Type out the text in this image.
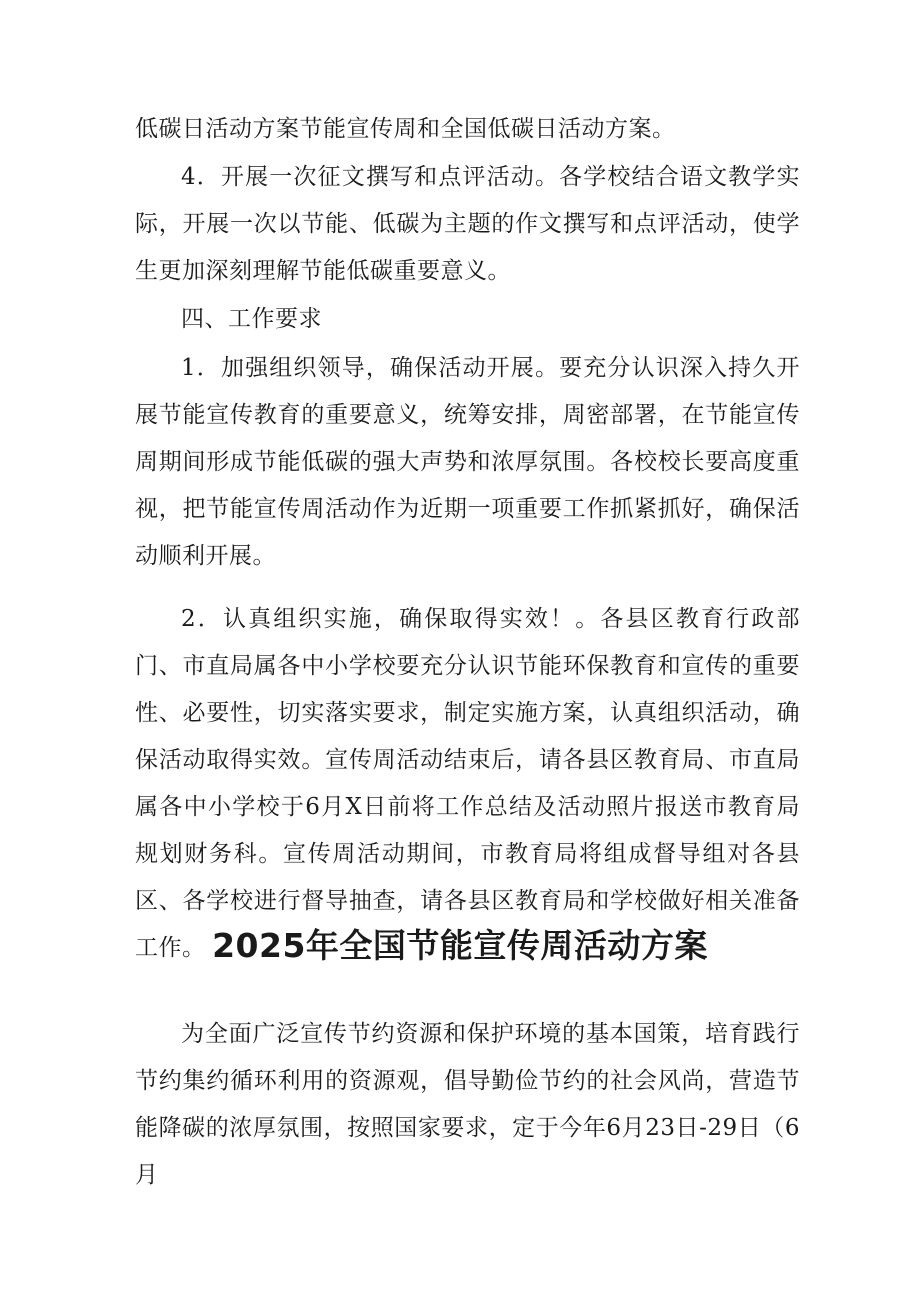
低碳日活动方案节能宣传周和全国低碳日活动方案。

4．开展一次征文撰写和点评活动。各学校结合语文教学实际，开展一次以节能、低碳为主题的作文撰写和点评活动，使学生更加深刻理解节能低碳重要意义。

四、工作要求

1．加强组织领导，确保活动开展。要充分认识深入持久开展节能宣传教育的重要意义，统筹安排，周密部署，在节能宣传周期间形成节能低碳的强大声势和浓厚氛围。各校校长要高度重视，把节能宣传周活动作为近期一项重要工作抓紧抓好，确保活动顺利开展。

2．认真组织实施，确保取得实效！。各县区教育行政部门、市直局属各中小学校要充分认识节能环保教育和宣传的重要性、必要性，切实落实要求，制定实施方案，认真组织活动，确保活动取得实效。宣传周活动结束后，请各县区教育局、市直局属各中小学校于6月X日前将工作总结及活动照片报送市教育局规划财务科。宣传周活动期间，市教育局将组成督导组对各县区、各学校进行督导抽查，请各县区教育局和学校做好相关准备工作。 2025年全国节能宣传周活动方案

为全面广泛宣传节约资源和保护环境的基本国策，培育践行节约集约循环利用的资源观，倡导勤俭节约的社会风尚，营造节能降碳的浓厚氛围，按照国家要求，定于今年6月23日-29日（6月
